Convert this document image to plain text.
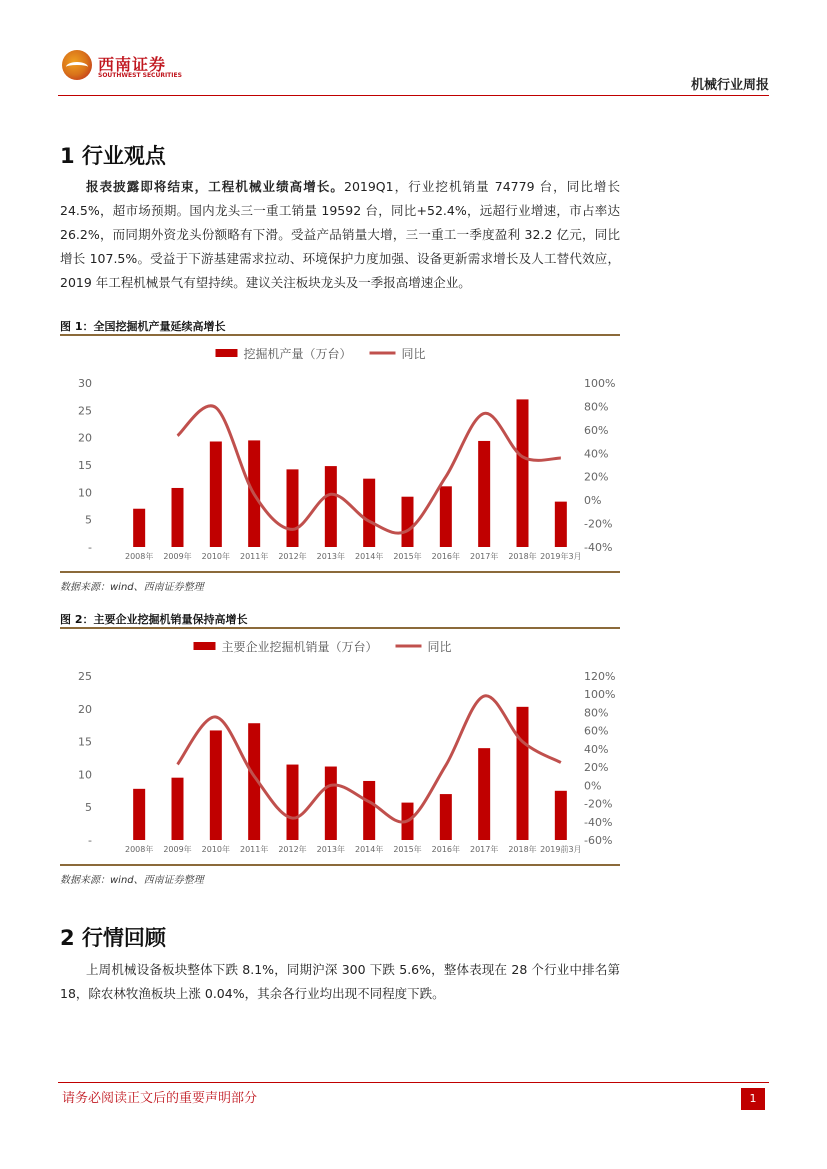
西南证券
SOUTHWEST SECURITIES
机械行业周报
1 行业观点
报表披露即将结束，工程机械业绩高增长。2019Q1，行业挖机销量 74779 台，同比增长 24.5%，超市场预期。国内龙头三一重工销量 19592 台，同比+52.4%，远超行业增速，市占率达 26.2%，而同期外资龙头份额略有下滑。受益产品销量大增，三一重工一季度盈利 32.2 亿元，同比增长 107.5%。受益于下游基建需求拉动、环境保护力度加强、设备更新需求增长及人工替代效应，2019 年工程机械景气有望持续。建议关注板块龙头及一季报高增速企业。
图 1：全国挖掘机产量延续高增长
挖掘机产量（万台）	同比
-
5
10
15
20
25
30
-40%
-20%
0%
20%
40%
60%
80%
100%
2008年 2009年 2010年 2011年 2012年 2013年 2014年 2015年 2016年 2017年 2018年 2019年3月
数据来源：wind、西南证券整理
图 2：主要企业挖掘机销量保持高增长
主要企业挖掘机销量（万台）	同比
-
5
10
15
20
25
-60%
-40%
-20%
0%
20%
40%
60%
80%
100%
120%
2008年 2009年 2010年 2011年 2012年 2013年 2014年 2015年 2016年 2017年 2018年 2019前3月
数据来源：wind、西南证券整理
2 行情回顾
上周机械设备板块整体下跌 8.1%，同期沪深 300 下跌 5.6%，整体表现在 28 个行业中排名第 18，除农林牧渔板块上涨 0.04%，其余各行业均出现不同程度下跌。
请务必阅读正文后的重要声明部分	1
